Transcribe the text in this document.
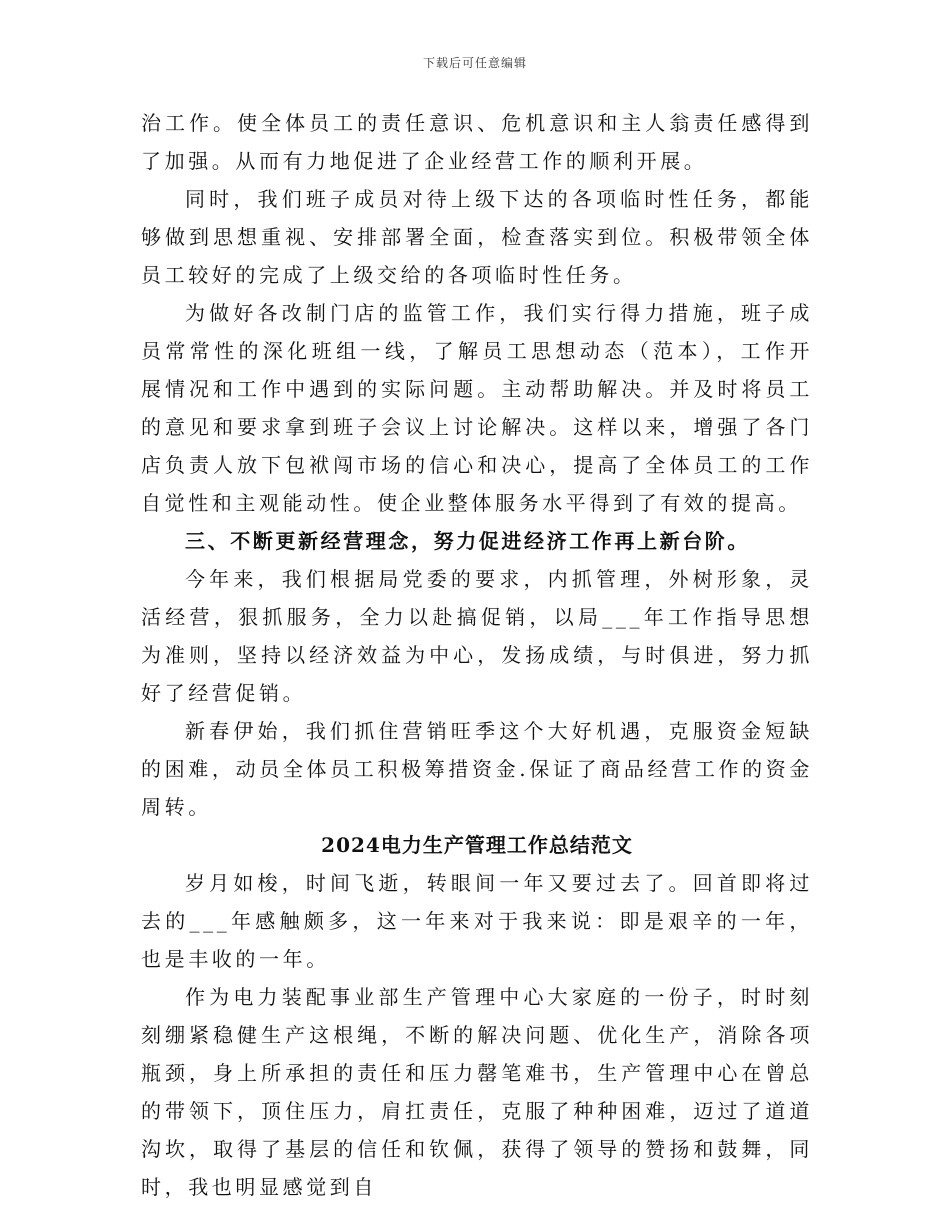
下载后可任意编辑

治工作。使全体员工的责任意识、危机意识和主人翁责任感得到了加强。从而有力地促进了企业经营工作的顺利开展。

同时，我们班子成员对待上级下达的各项临时性任务，都能够做到思想重视、安排部署全面，检查落实到位。积极带领全体员工较好的完成了上级交给的各项临时性任务。

为做好各改制门店的监管工作，我们实行得力措施，班子成员常常性的深化班组一线，了解员工思想动态（范本），工作开展情况和工作中遇到的实际问题。主动帮助解决。并及时将员工的意见和要求拿到班子会议上讨论解决。这样以来，增强了各门店负责人放下包袱闯市场的信心和决心，提高了全体员工的工作自觉性和主观能动性。使企业整体服务水平得到了有效的提高。

三、不断更新经营理念，努力促进经济工作再上新台阶。

今年来，我们根据局党委的要求，内抓管理，外树形象，灵活经营，狠抓服务，全力以赴搞促销，以局___年工作指导思想为准则，坚持以经济效益为中心，发扬成绩，与时俱进，努力抓好了经营促销。

新春伊始，我们抓住营销旺季这个大好机遇，克服资金短缺的困难，动员全体员工积极筹措资金.保证了商品经营工作的资金周转。

2024电力生产管理工作总结范文

岁月如梭，时间飞逝，转眼间一年又要过去了。回首即将过去的___年感触颇多，这一年来对于我来说：即是艰辛的一年，也是丰收的一年。

作为电力装配事业部生产管理中心大家庭的一份子，时时刻刻绷紧稳健生产这根绳，不断的解决问题、优化生产，消除各项瓶颈，身上所承担的责任和压力罄笔难书，生产管理中心在曾总的带领下，顶住压力，肩扛责任，克服了种种困难，迈过了道道沟坎，取得了基层的信任和钦佩，获得了领导的赞扬和鼓舞，同时，我也明显感觉到自
